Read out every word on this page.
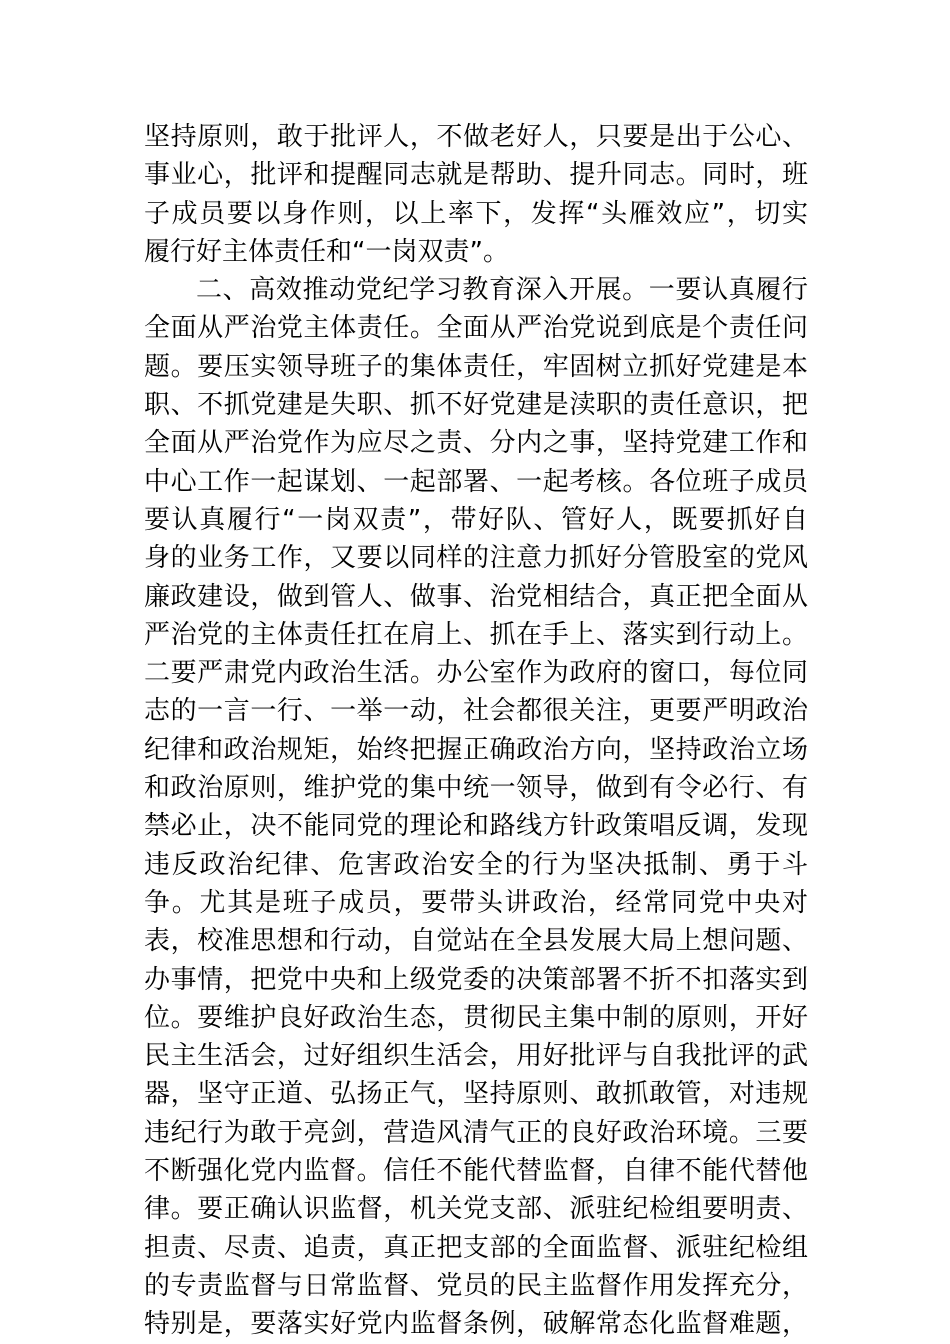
坚持原则，敢于批评人，不做老好人，只要是出于公心、
事业心，批评和提醒同志就是帮助、提升同志。同时，班
子成员要以身作则，以上率下，发挥“头雁效应”，切实
履行好主体责任和“一岗双责”。
二、高效推动党纪学习教育深入开展。一要认真履行
全面从严治党主体责任。全面从严治党说到底是个责任问
题。要压实领导班子的集体责任，牢固树立抓好党建是本
职、不抓党建是失职、抓不好党建是渎职的责任意识，把
全面从严治党作为应尽之责、分内之事，坚持党建工作和
中心工作一起谋划、一起部署、一起考核。各位班子成员
要认真履行“一岗双责”，带好队、管好人，既要抓好自
身的业务工作，又要以同样的注意力抓好分管股室的党风
廉政建设，做到管人、做事、治党相结合，真正把全面从
严治党的主体责任扛在肩上、抓在手上、落实到行动上。
二要严肃党内政治生活。办公室作为政府的窗口，每位同
志的一言一行、一举一动，社会都很关注，更要严明政治
纪律和政治规矩，始终把握正确政治方向，坚持政治立场
和政治原则，维护党的集中统一领导，做到有令必行、有
禁必止，决不能同党的理论和路线方针政策唱反调，发现
违反政治纪律、危害政治安全的行为坚决抵制、勇于斗
争。尤其是班子成员，要带头讲政治，经常同党中央对
表，校准思想和行动，自觉站在全县发展大局上想问题、
办事情，把党中央和上级党委的决策部署不折不扣落实到
位。要维护良好政治生态，贯彻民主集中制的原则，开好
民主生活会，过好组织生活会，用好批评与自我批评的武
器，坚守正道、弘扬正气，坚持原则、敢抓敢管，对违规
违纪行为敢于亮剑，营造风清气正的良好政治环境。三要
不断强化党内监督。信任不能代替监督，自律不能代替他
律。要正确认识监督，机关党支部、派驻纪检组要明责、
担责、尽责、追责，真正把支部的全面监督、派驻纪检组
的专责监督与日常监督、党员的民主监督作用发挥充分，
特别是，要落实好党内监督条例，破解常态化监督难题，
